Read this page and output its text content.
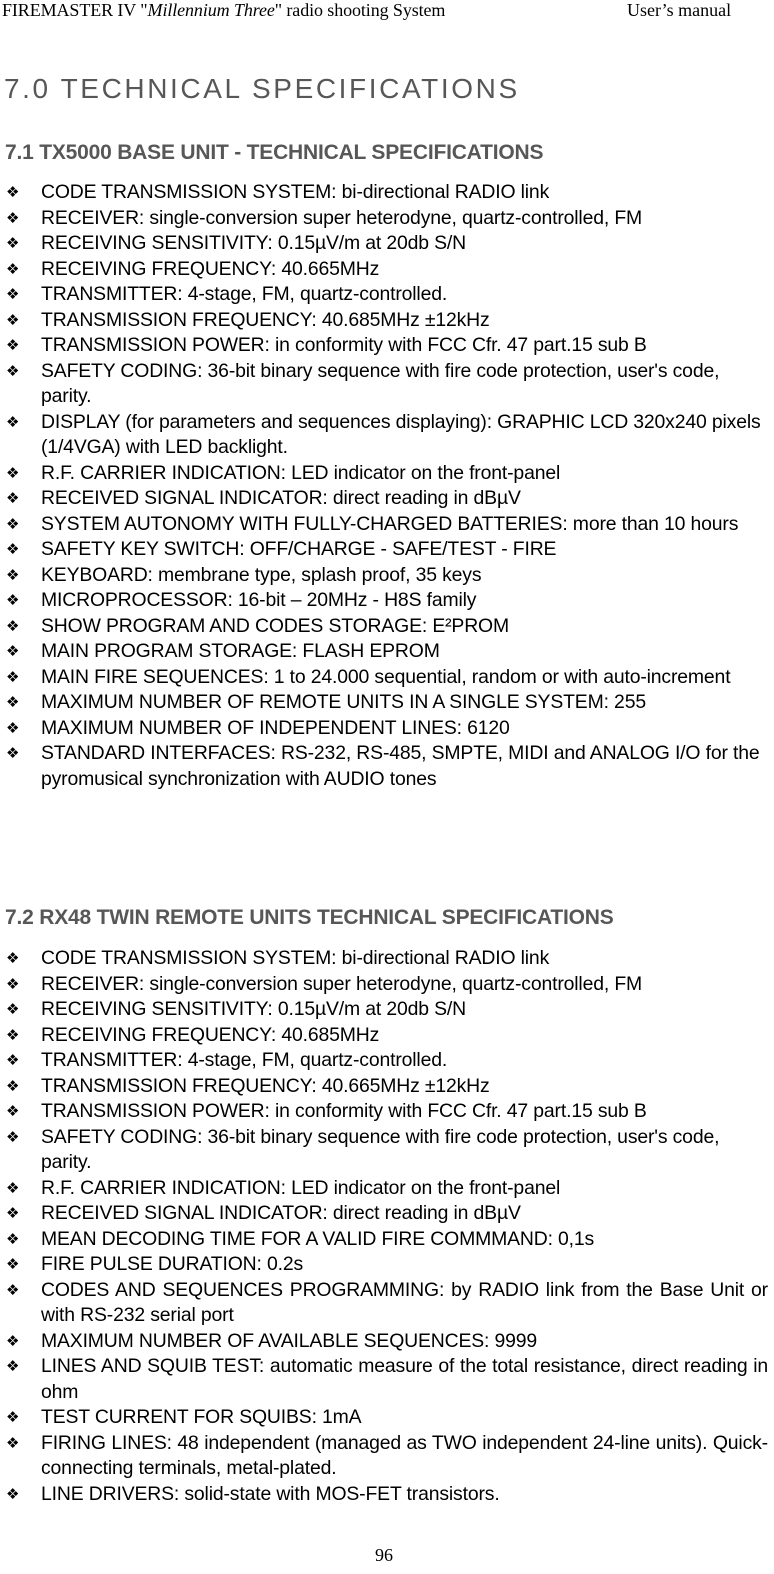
FIREMASTER IV "Millennium Three" radio shooting System	User’s manual
7.0 TECHNICAL SPECIFICATIONS
7.1 TX5000 BASE UNIT - TECHNICAL SPECIFICATIONS
❖ CODE TRANSMISSION SYSTEM: bi-directional RADIO link
❖ RECEIVER: single-conversion super heterodyne, quartz-controlled, FM
❖ RECEIVING SENSITIVITY: 0.15µV/m at 20db S/N
❖ RECEIVING FREQUENCY: 40.665MHz
❖ TRANSMITTER: 4-stage, FM, quartz-controlled.
❖ TRANSMISSION FREQUENCY: 40.685MHz ±12kHz
❖ TRANSMISSION POWER: in conformity with FCC Cfr. 47 part.15 sub B
❖ SAFETY CODING: 36-bit binary sequence with fire code protection, user's code, parity.
❖ DISPLAY (for parameters and sequences displaying): GRAPHIC LCD 320x240 pixels (1/4VGA) with LED backlight.
❖ R.F. CARRIER INDICATION: LED indicator on the front-panel
❖ RECEIVED SIGNAL INDICATOR: direct reading in dBµV
❖ SYSTEM AUTONOMY WITH FULLY-CHARGED BATTERIES: more than 10 hours
❖ SAFETY KEY SWITCH: OFF/CHARGE - SAFE/TEST - FIRE
❖ KEYBOARD: membrane type, splash proof, 35 keys
❖ MICROPROCESSOR: 16-bit – 20MHz - H8S family
❖ SHOW PROGRAM AND CODES STORAGE: E²PROM
❖ MAIN PROGRAM STORAGE: FLASH EPROM
❖ MAIN FIRE SEQUENCES: 1 to 24.000 sequential, random or with auto-increment
❖ MAXIMUM NUMBER OF REMOTE UNITS IN A SINGLE SYSTEM: 255
❖ MAXIMUM NUMBER OF INDEPENDENT LINES: 6120
❖ STANDARD INTERFACES: RS-232, RS-485, SMPTE, MIDI and ANALOG I/O for the pyromusical synchronization with AUDIO tones
7.2 RX48 TWIN REMOTE UNITS TECHNICAL SPECIFICATIONS
❖ CODE TRANSMISSION SYSTEM: bi-directional RADIO link
❖ RECEIVER: single-conversion super heterodyne, quartz-controlled, FM
❖ RECEIVING SENSITIVITY: 0.15µV/m at 20db S/N
❖ RECEIVING FREQUENCY: 40.685MHz
❖ TRANSMITTER: 4-stage, FM, quartz-controlled.
❖ TRANSMISSION FREQUENCY: 40.665MHz ±12kHz
❖ TRANSMISSION POWER: in conformity with FCC Cfr. 47 part.15 sub B
❖ SAFETY CODING: 36-bit binary sequence with fire code protection, user's code, parity.
❖ R.F. CARRIER INDICATION: LED indicator on the front-panel
❖ RECEIVED SIGNAL INDICATOR: direct reading in dBµV
❖ MEAN DECODING TIME FOR A VALID FIRE COMMMAND: 0,1s
❖ FIRE PULSE DURATION: 0.2s
❖ CODES AND SEQUENCES PROGRAMMING: by RADIO link from the Base Unit or with RS-232 serial port
❖ MAXIMUM NUMBER OF AVAILABLE SEQUENCES: 9999
❖ LINES AND SQUIB TEST: automatic measure of the total resistance, direct reading in ohm
❖ TEST CURRENT FOR SQUIBS: 1mA
❖ FIRING LINES: 48 independent (managed as TWO independent 24-line units). Quick-connecting terminals, metal-plated.
❖ LINE DRIVERS: solid-state with MOS-FET transistors.
96
